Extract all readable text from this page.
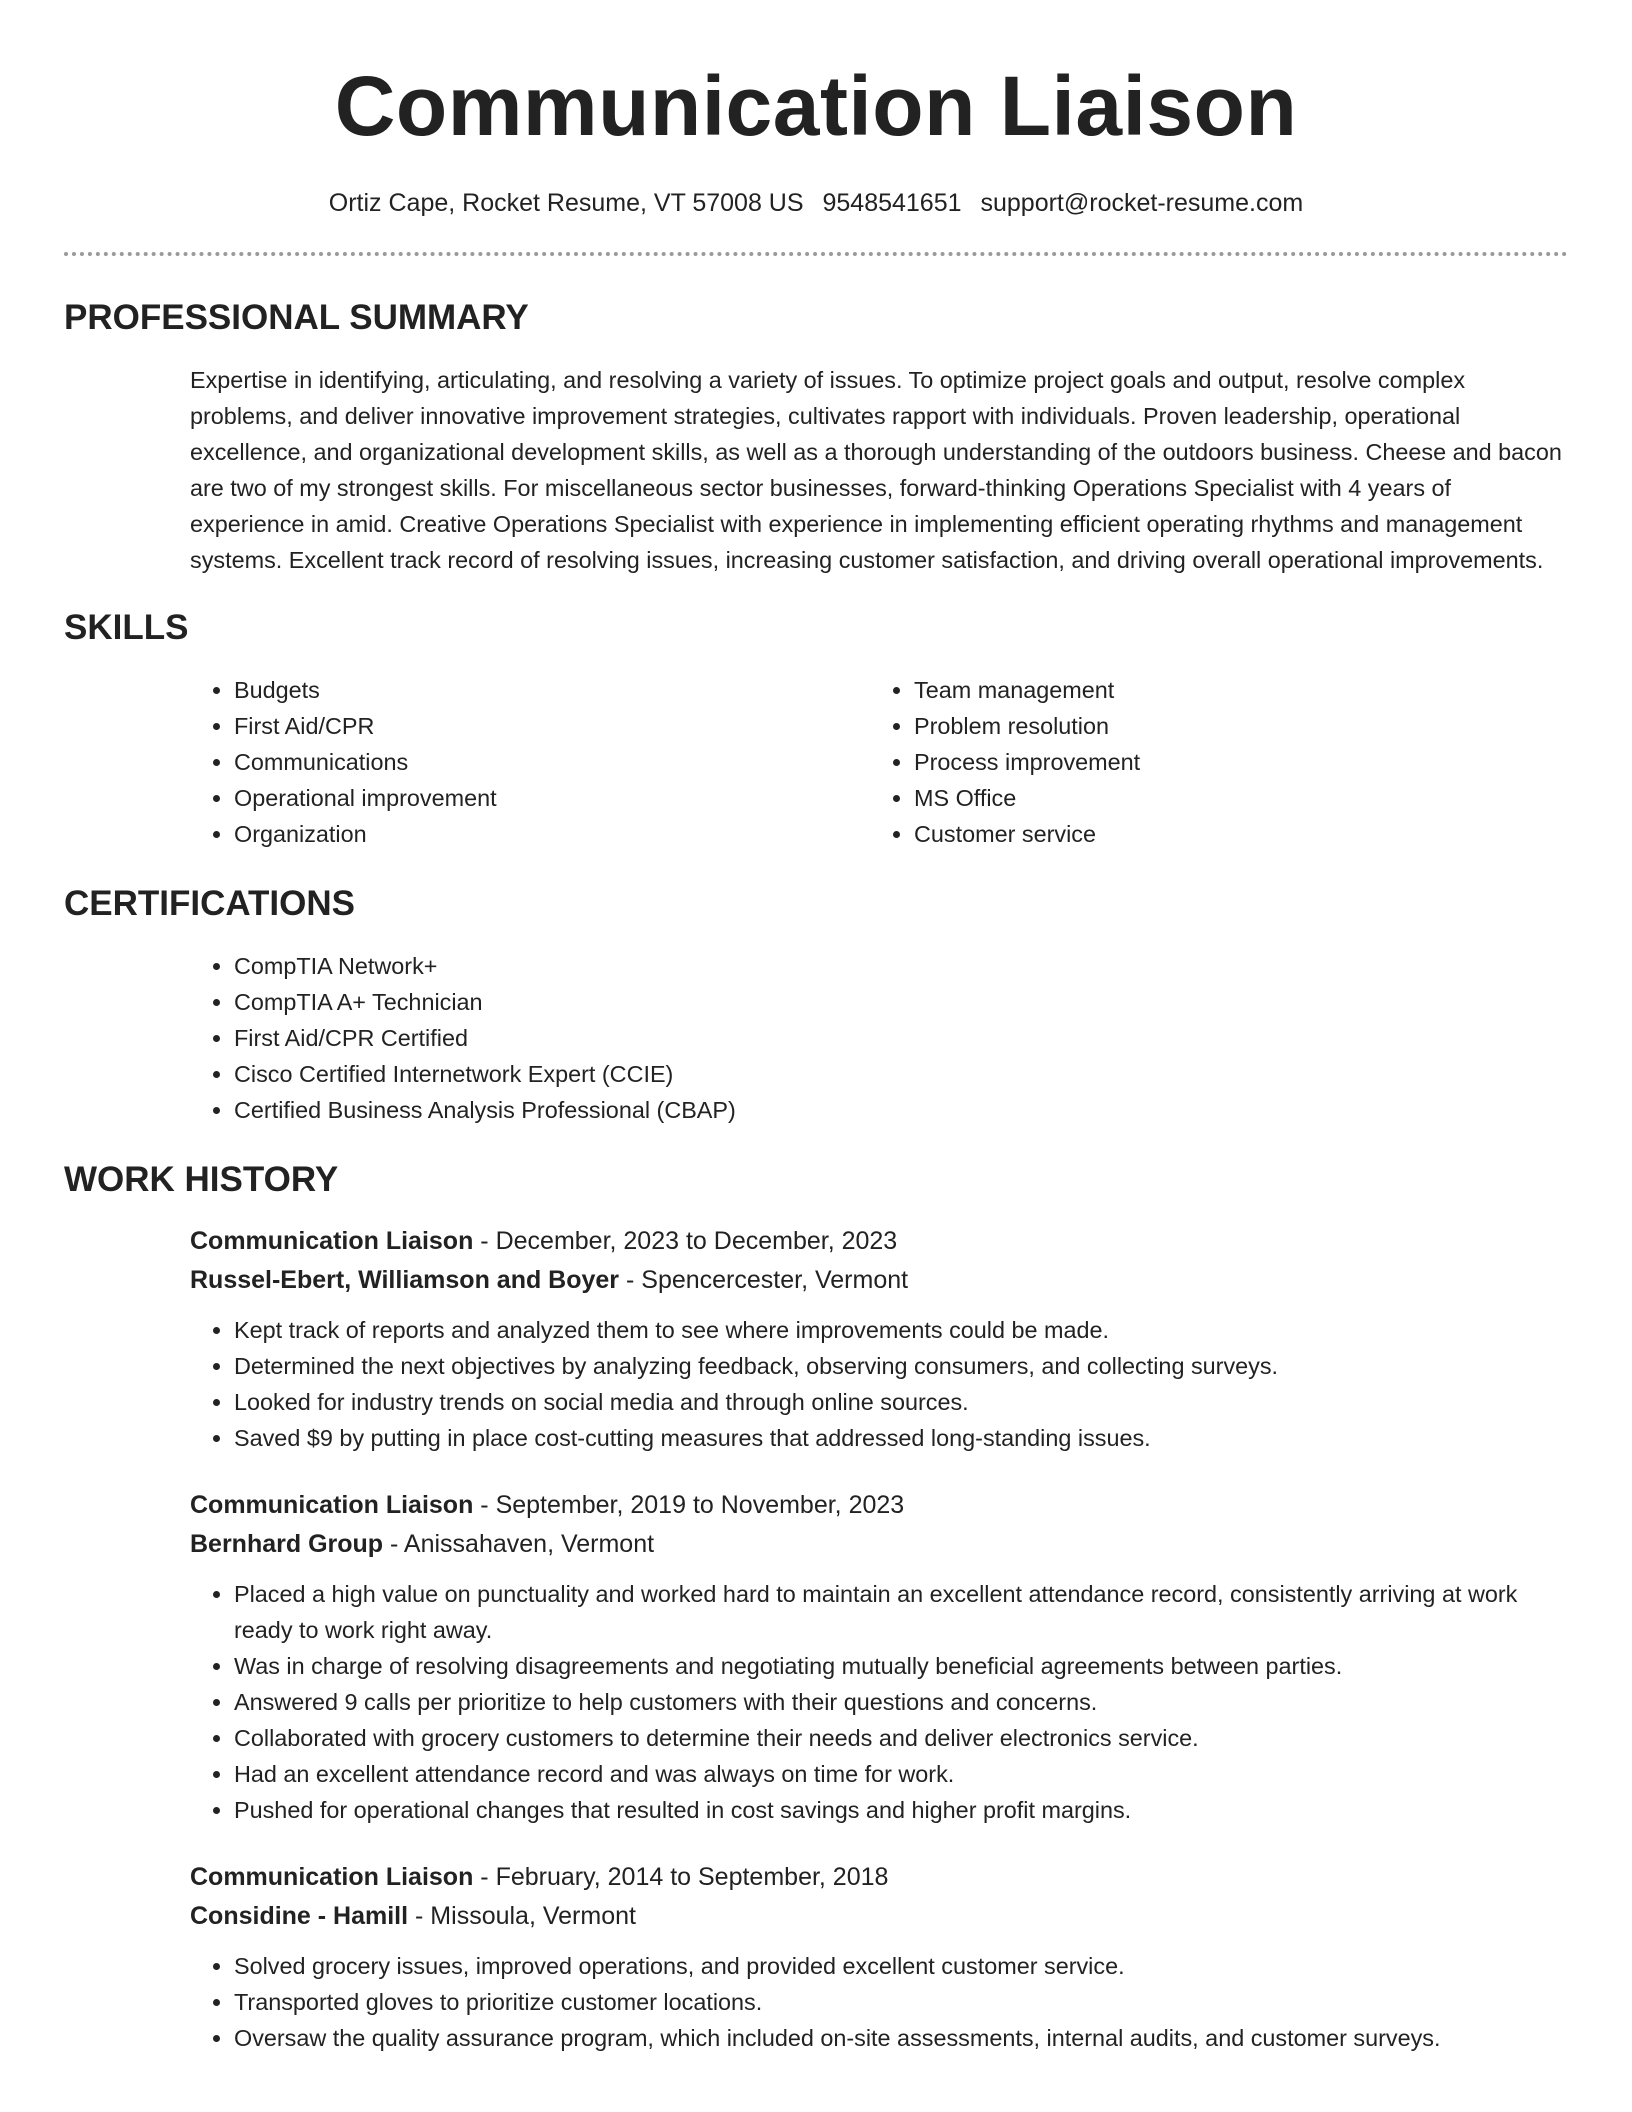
Communication Liaison
Ortiz Cape, Rocket Resume, VT 57008 US 9548541651 support@rocket-resume.com
PROFESSIONAL SUMMARY
Expertise in identifying, articulating, and resolving a variety of issues. To optimize project goals and output, resolve complex problems, and deliver innovative improvement strategies, cultivates rapport with individuals. Proven leadership, operational excellence, and organizational development skills, as well as a thorough understanding of the outdoors business. Cheese and bacon are two of my strongest skills. For miscellaneous sector businesses, forward-thinking Operations Specialist with 4 years of experience in amid. Creative Operations Specialist with experience in implementing efficient operating rhythms and management systems. Excellent track record of resolving issues, increasing customer satisfaction, and driving overall operational improvements.
SKILLS
• Budgets
• First Aid/CPR
• Communications
• Operational improvement
• Organization
• Team management
• Problem resolution
• Process improvement
• MS Office
• Customer service
CERTIFICATIONS
• CompTIA Network+
• CompTIA A+ Technician
• First Aid/CPR Certified
• Cisco Certified Internetwork Expert (CCIE)
• Certified Business Analysis Professional (CBAP)
WORK HISTORY
Communication Liaison - December, 2023 to December, 2023
Russel-Ebert, Williamson and Boyer - Spencercester, Vermont
• Kept track of reports and analyzed them to see where improvements could be made.
• Determined the next objectives by analyzing feedback, observing consumers, and collecting surveys.
• Looked for industry trends on social media and through online sources.
• Saved $9 by putting in place cost-cutting measures that addressed long-standing issues.
Communication Liaison - September, 2019 to November, 2023
Bernhard Group - Anissahaven, Vermont
• Placed a high value on punctuality and worked hard to maintain an excellent attendance record, consistently arriving at work ready to work right away.
• Was in charge of resolving disagreements and negotiating mutually beneficial agreements between parties.
• Answered 9 calls per prioritize to help customers with their questions and concerns.
• Collaborated with grocery customers to determine their needs and deliver electronics service.
• Had an excellent attendance record and was always on time for work.
• Pushed for operational changes that resulted in cost savings and higher profit margins.
Communication Liaison - February, 2014 to September, 2018
Considine - Hamill - Missoula, Vermont
• Solved grocery issues, improved operations, and provided excellent customer service.
• Transported gloves to prioritize customer locations.
• Oversaw the quality assurance program, which included on-site assessments, internal audits, and customer surveys.
